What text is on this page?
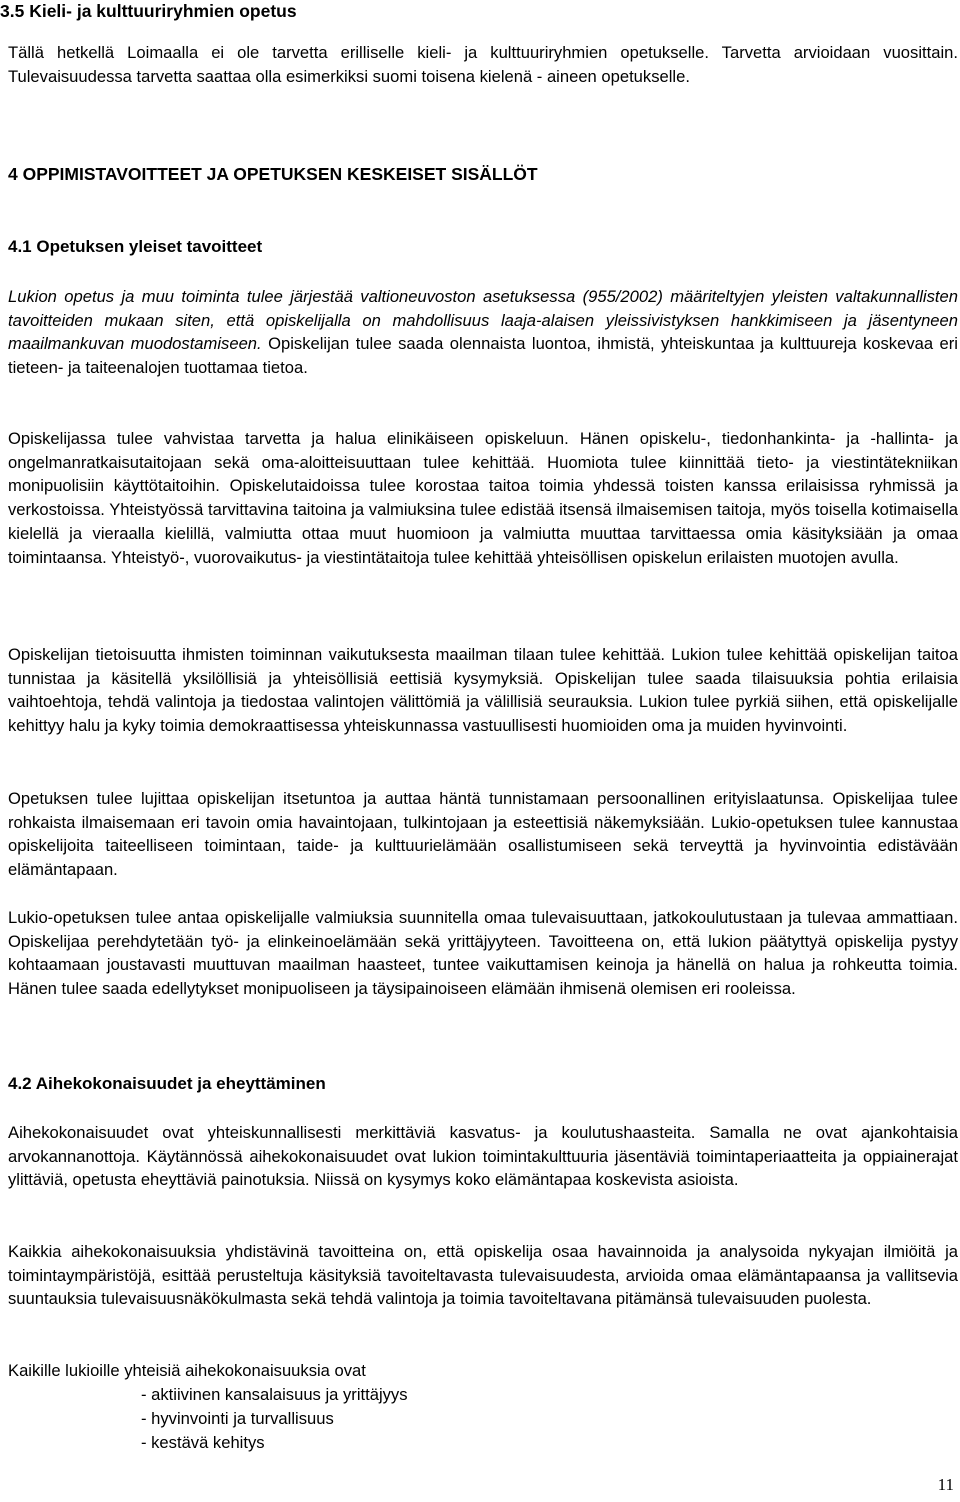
3.5 Kieli- ja kulttuuriryhmien opetus

Tällä hetkellä Loimaalla ei ole tarvetta erilliselle kieli- ja kulttuuriryhmien opetukselle. Tarvetta arvioidaan vuosittain. Tulevaisuudessa tarvetta saattaa olla esimerkiksi suomi toisena kielenä - aineen opetukselle.

4 OPPIMISTAVOITTEET JA OPETUKSEN KESKEISET SISÄLLÖT
4.1 Opetuksen yleiset tavoitteet

Lukion opetus ja muu toiminta tulee järjestää valtioneuvoston asetuksessa (955/2002) määriteltyjen yleisten valtakunnallisten tavoitteiden mukaan siten, että opiskelijalla on mahdollisuus laaja-alaisen yleissivistyksen hankkimiseen ja jäsentyneen maailmankuvan muodostamiseen. Opiskelijan tulee saada olennaista luontoa, ihmistä, yhteiskuntaa ja kulttuureja koskevaa eri tieteen- ja taiteenalojen tuottamaa tietoa.

Opiskelijassa tulee vahvistaa tarvetta ja halua elinikäiseen opiskeluun. Hänen opiskelu-, tiedonhankinta- ja -hallinta- ja ongelmanratkaisutaitojaan sekä oma-aloitteisuuttaan tulee kehittää. Huomiota tulee kiinnittää tieto- ja viestintätekniikan monipuolisiin käyttötaitoihin. Opiskelutaidoissa tulee korostaa taitoa toimia yhdessä toisten kanssa erilaisissa ryhmissä ja verkostoissa. Yhteistyössä tarvittavina taitoina ja valmiuksina tulee edistää itsensä ilmaisemisen taitoja, myös toisella kotimaisella kielellä ja vieraalla kielillä, valmiutta ottaa muut huomioon ja valmiutta muuttaa tarvittaessa omia käsityksiään ja omaa toimintaansa. Yhteistyö-, vuorovaikutus- ja viestintätaitoja tulee kehittää yhteisöllisen opiskelun erilaisten muotojen avulla.

Opiskelijan tietoisuutta ihmisten toiminnan vaikutuksesta maailman tilaan tulee kehittää. Lukion tulee kehittää opiskelijan taitoa tunnistaa ja käsitellä yksilöllisiä ja yhteisöllisiä eettisiä kysymyksiä. Opiskelijan tulee saada tilaisuuksia pohtia erilaisia vaihtoehtoja, tehdä valintoja ja tiedostaa valintojen välittömiä ja välillisiä seurauksia. Lukion tulee pyrkiä siihen, että opiskelijalle kehittyy halu ja kyky toimia demokraattisessa yhteiskunnassa vastuullisesti huomioiden oma ja muiden hyvinvointi.

Opetuksen tulee lujittaa opiskelijan itsetuntoa ja auttaa häntä tunnistamaan persoonallinen erityislaatunsa. Opiskelijaa tulee rohkaista ilmaisemaan eri tavoin omia havaintojaan, tulkintojaan ja esteettisiä näkemyksiään. Lukio-opetuksen tulee kannustaa opiskelijoita taiteelliseen toimintaan, taide- ja kulttuurielämään osallistumiseen sekä terveyttä ja hyvinvointia edistävään elämäntapaan.

Lukio-opetuksen tulee antaa opiskelijalle valmiuksia suunnitella omaa tulevaisuuttaan, jatkokoulutustaan ja tulevaa ammattiaan. Opiskelijaa perehdytetään työ- ja elinkeinoelämään sekä yrittäjyyteen. Tavoitteena on, että lukion päätyttyä opiskelija pystyy kohtaamaan joustavasti muuttuvan maailman haasteet, tuntee vaikuttamisen keinoja ja hänellä on halua ja rohkeutta toimia. Hänen tulee saada edellytykset monipuoliseen ja täysipainoiseen elämään ihmisenä olemisen eri rooleissa.

4.2 Aihekokonaisuudet ja eheyttäminen

Aihekokonaisuudet ovat yhteiskunnallisesti merkittäviä kasvatus- ja koulutushaasteita. Samalla ne ovat ajankohtaisia arvokannanottoja. Käytännössä aihekokonaisuudet ovat lukion toimintakulttuuria jäsentäviä toimintaperiaatteita ja oppiainerajat ylittäviä, opetusta eheyttäviä painotuksia. Niissä on kysymys koko elämäntapaa koskevista asioista.

Kaikkia aihekokonaisuuksia yhdistävinä tavoitteina on, että opiskelija osaa havainnoida ja analysoida nykyajan ilmiöitä ja toimintaympäristöjä, esittää perusteltuja käsityksiä tavoiteltavasta tulevaisuudesta, arvioida omaa elämäntapaansa ja vallitsevia suuntauksia tulevaisuusnäkökulmasta sekä tehdä valintoja ja toimia tavoiteltavana pitämänsä tulevaisuuden puolesta.

Kaikille lukioille yhteisiä aihekokonaisuuksia ovat

- aktiivinen kansalaisuus ja yrittäjyys
- hyvinvointi ja turvallisuus
- kestävä kehitys
11
